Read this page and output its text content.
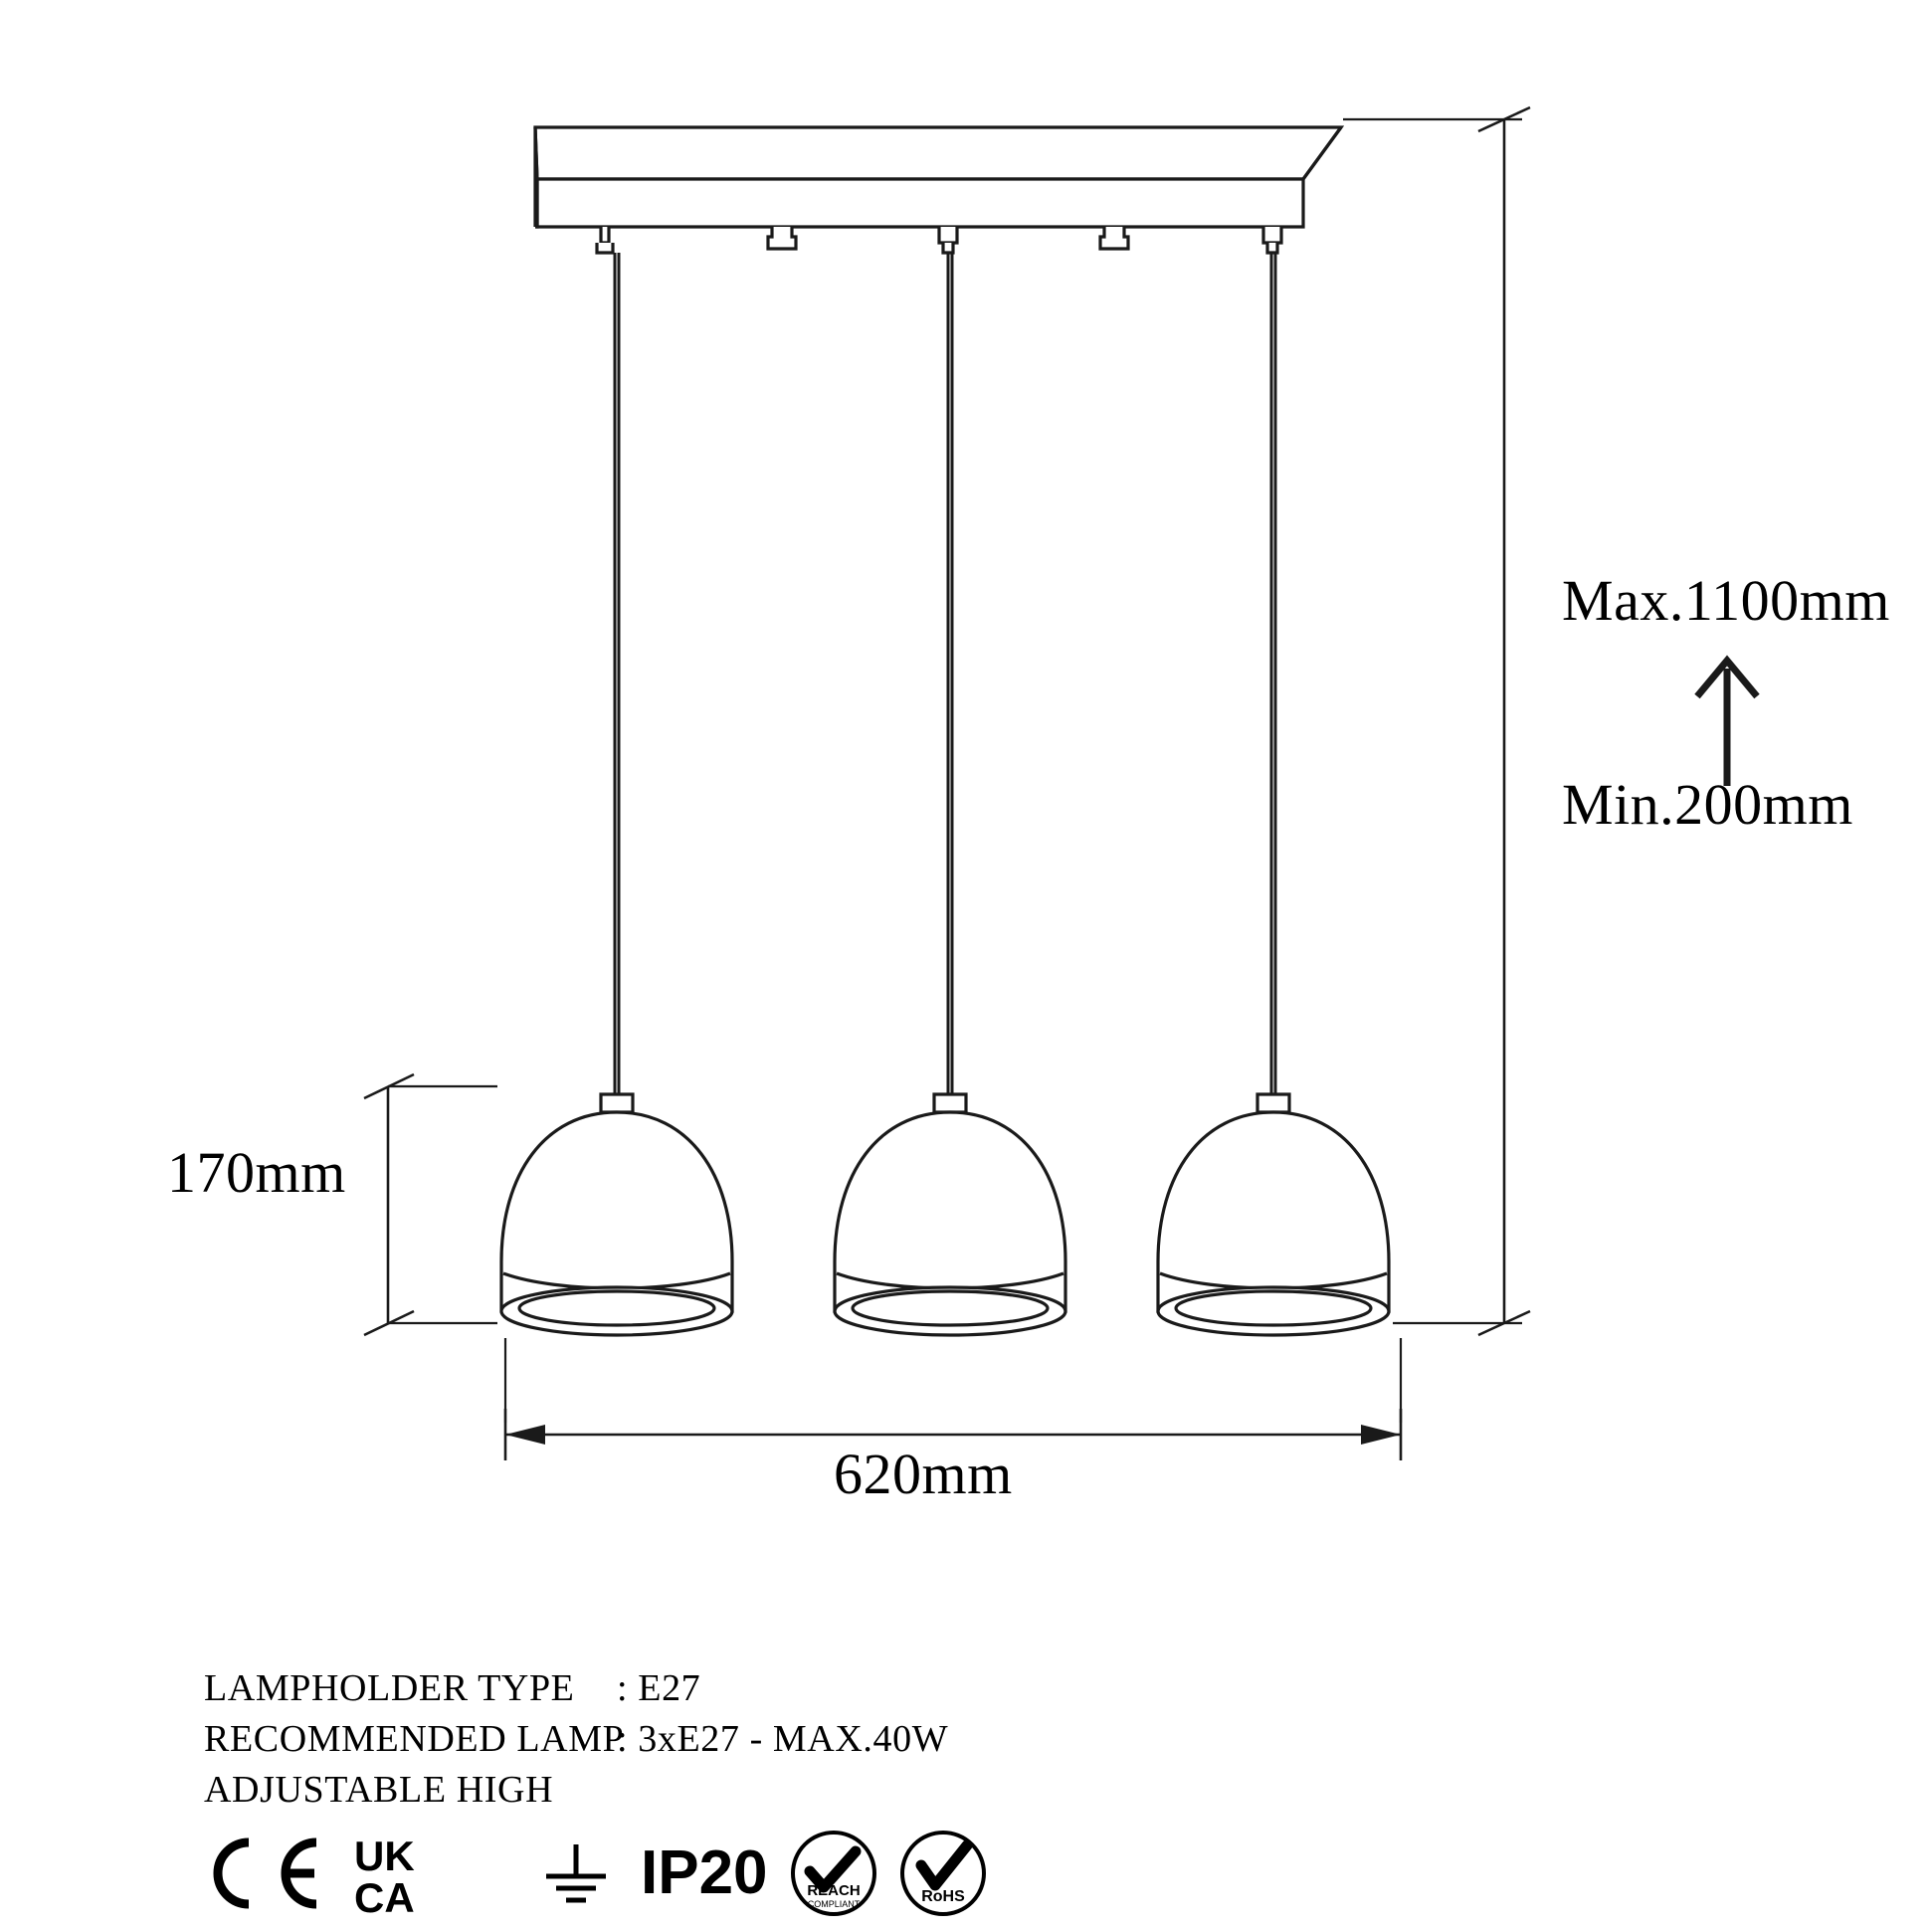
Max.1100mm
Min.200mm
170mm
620mm
LAMPHOLDER TYPE : E27
RECOMMENDED LAMP: 3xE27 - MAX.40W
ADJUSTABLE HIGH
UK
CA	IP20	REACH
COMPLIANT	RoHS
